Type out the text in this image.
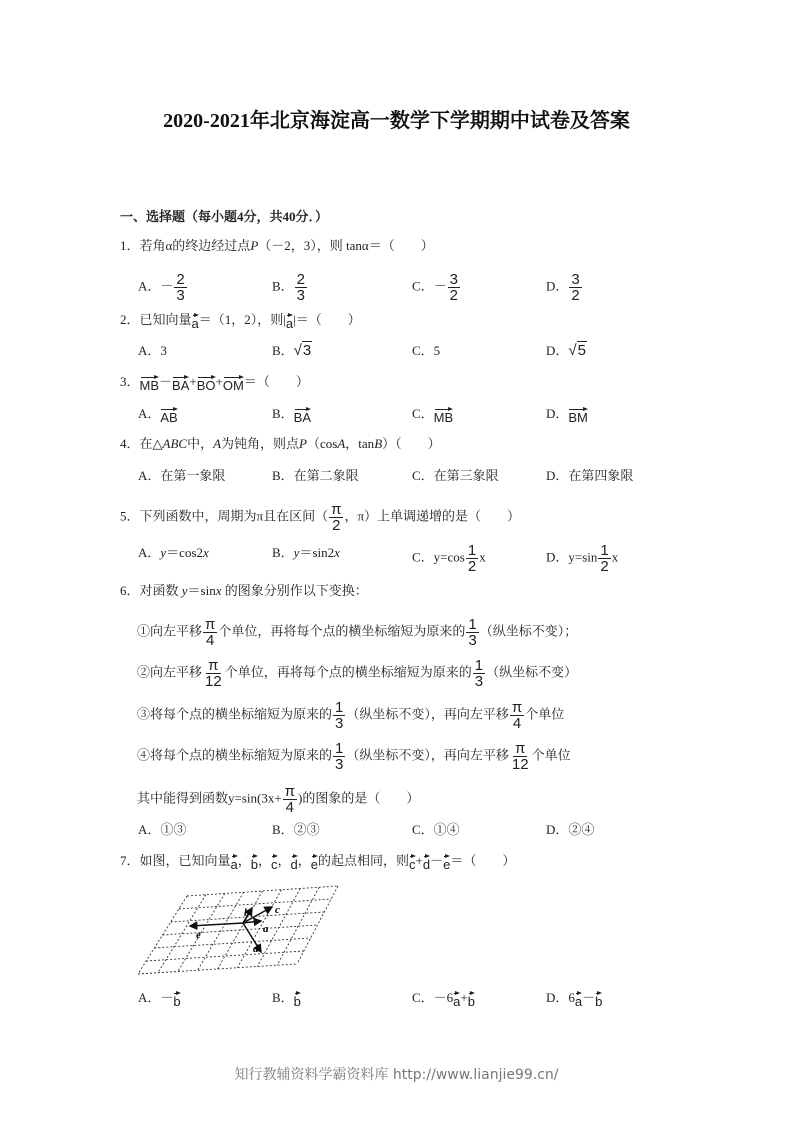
2020-2021年北京海淀高一数学下学期期中试卷及答案
一、选择题（每小题4分，共40分．）
1．若角α的终边经过点P（－2，3），则 tanα＝（　　）
A．－ $\frac{2}{3}$	B． $\frac{2}{3}$	C．－ $\frac{3}{2}$	D． $\frac{3}{2}$
2．已知向量a＝（1，2），则|a|＝（　　）
A．3	B．√3	C．5	D．√5
3．MB－BA+BO+OM＝（　　）
A．AB	B．BA	C．MB	D．BM
4．在△ABC中，A为钝角，则点P（cosA，tanB）（　　）
A．在第一象限	B．在第二象限	C．在第三象限	D．在第四象限
5．下列函数中，周期为π且在区间（ $\frac{\pi}{2}$ ，π）上单调递增的是（　　）
A．y＝cos2x	B．y＝sin2x	C．$y=\cos \frac{1}{2}$ x	D．$y=\sin \frac{1}{2}$ x
6．对函数 y＝sinx 的图象分别作以下变换：
①向左平移 $\frac{\pi}{4}$ 个单位，再将每个点的横坐标缩短为原来的 $\frac{1}{3}$ （纵坐标不变）；
②向左平移 $\frac{\pi}{12}$ 个单位，再将每个点的横坐标缩短为原来的 $\frac{1}{3}$ （纵坐标不变）
③将每个点的横坐标缩短为原来的 $\frac{1}{3}$ （纵坐标不变），再向左平移 $\frac{\pi}{4}$ 个单位
④将每个点的横坐标缩短为原来的 $\frac{1}{3}$ （纵坐标不变），再向左平移 $\frac{\pi}{12}$ 个单位
其中能得到函数$y=\sin(3x+ \frac{\pi}{4}$ )的图象的是（　　）
A．①③	B．②③	C．①④	D．②④
7．如图，已知向量a，b，c，d，e的起点相同，则c+d－e＝（　　）
e	a
c
b
d
A．－b	B．b	C．－6a+b	D．6a－b
知行教辅资料学霸资料库 http://www.lianjie99.cn/
